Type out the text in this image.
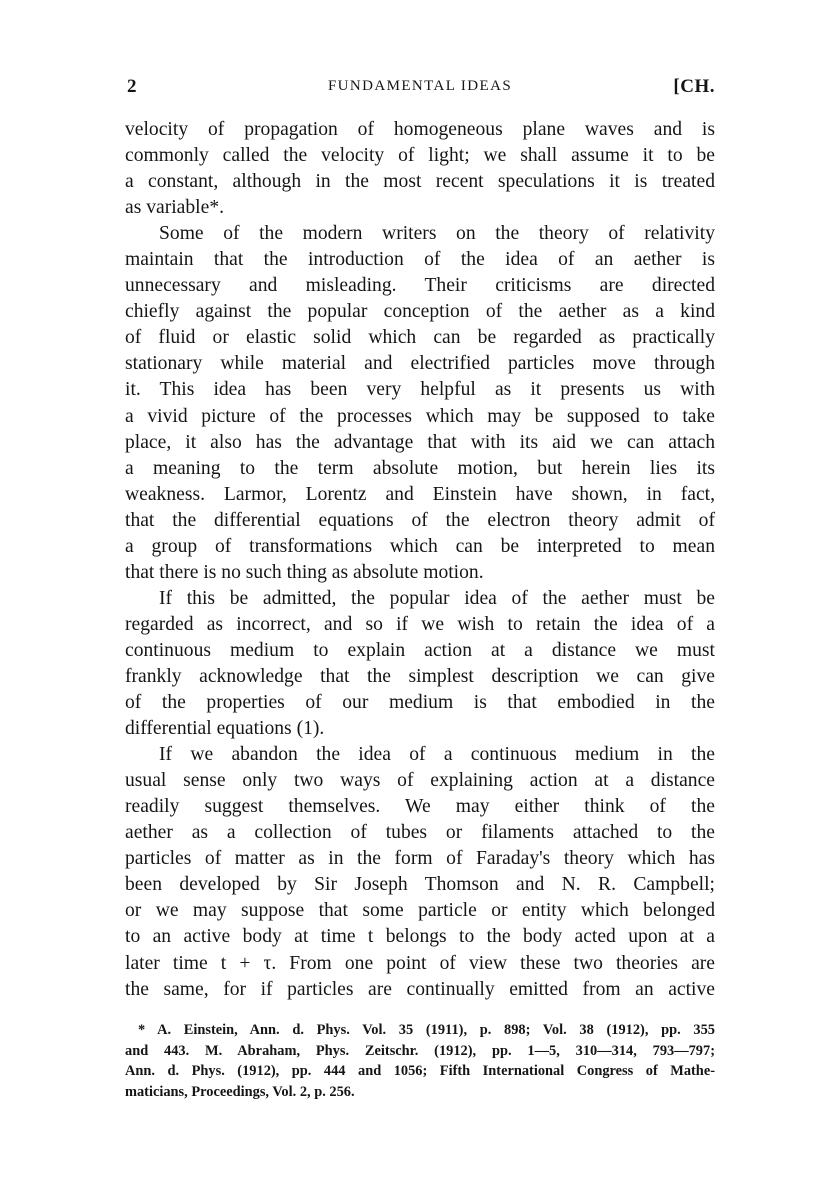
2	FUNDAMENTAL IDEAS	[CH.
velocity of propagation of homogeneous plane waves and is
commonly called the velocity of light; we shall assume it to be
a constant, although in the most recent speculations it is treated
as variable*.
Some of the modern writers on the theory of relativity
maintain that the introduction of the idea of an aether is
unnecessary and misleading. Their criticisms are directed
chiefly against the popular conception of the aether as a kind
of fluid or elastic solid which can be regarded as practically
stationary while material and electrified particles move through
it. This idea has been very helpful as it presents us with
a vivid picture of the processes which may be supposed to take
place, it also has the advantage that with its aid we can attach
a meaning to the term absolute motion, but herein lies its
weakness. Larmor, Lorentz and Einstein have shown, in fact,
that the differential equations of the electron theory admit of
a group of transformations which can be interpreted to mean
that there is no such thing as absolute motion.
If this be admitted, the popular idea of the aether must be
regarded as incorrect, and so if we wish to retain the idea of a
continuous medium to explain action at a distance we must
frankly acknowledge that the simplest description we can give
of the properties of our medium is that embodied in the
differential equations (1).
If we abandon the idea of a continuous medium in the
usual sense only two ways of explaining action at a distance
readily suggest themselves. We may either think of the
aether as a collection of tubes or filaments attached to the
particles of matter as in the form of Faraday's theory which has
been developed by Sir Joseph Thomson and N. R. Campbell;
or we may suppose that some particle or entity which belonged
to an active body at time t belongs to the body acted upon at a
later time t + τ. From one point of view these two theories are
the same, for if particles are continually emitted from an active
* A. Einstein, Ann. d. Phys. Vol. 35 (1911), p. 898; Vol. 38 (1912), pp. 355
and 443. M. Abraham, Phys. Zeitschr. (1912), pp. 1—5, 310—314, 793—797;
Ann. d. Phys. (1912), pp. 444 and 1056; Fifth International Congress of Mathe-
maticians, Proceedings, Vol. 2, p. 256.
